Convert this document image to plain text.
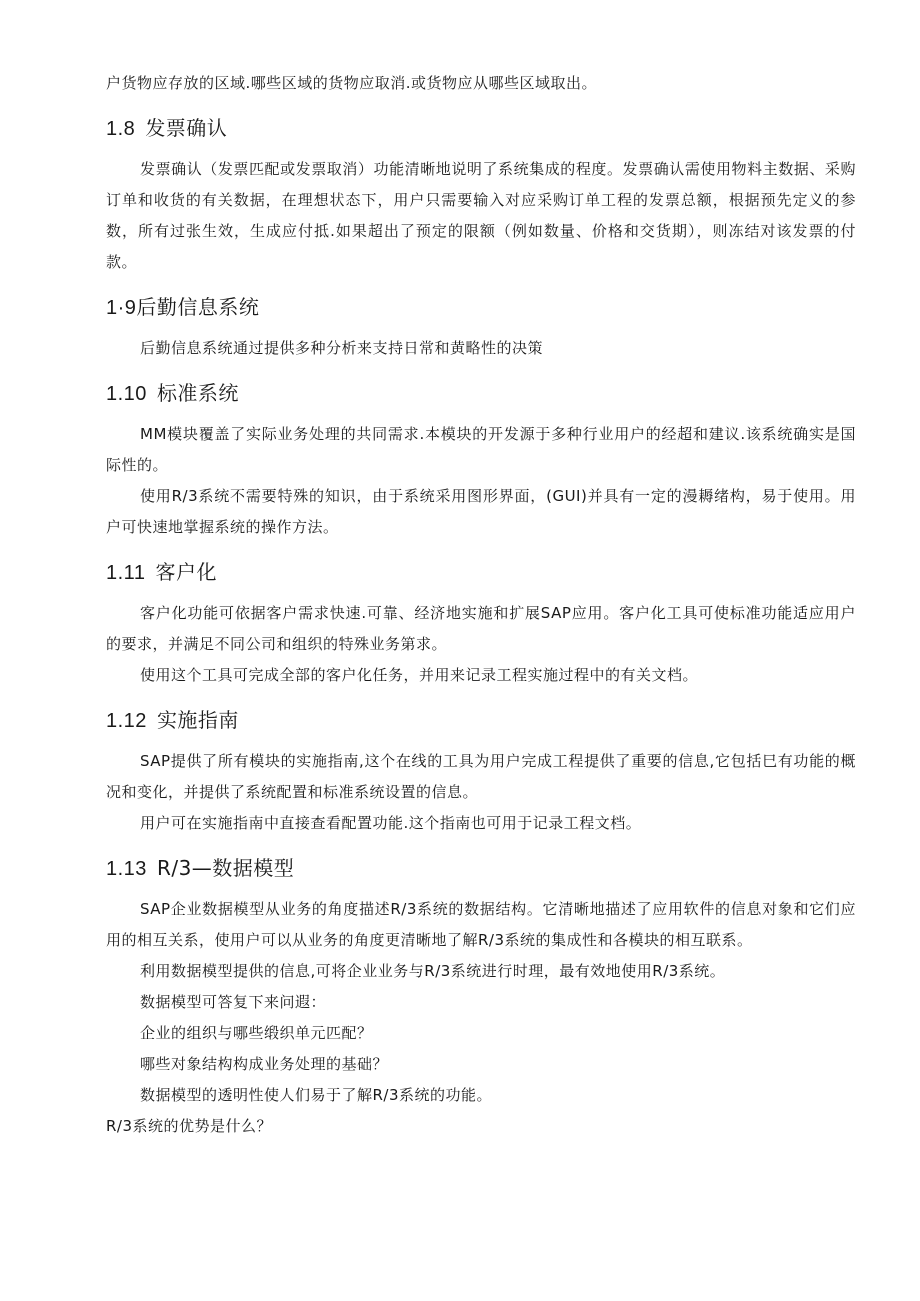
户货物应存放的区域.哪些区域的货物应取消.或货物应从哪些区域取出。

1.8 发票确认

发票确认（发票匹配或发票取消）功能清晰地说明了系统集成的程度。发票确认需使用物料主数据、采购订单和收货的有关数据，在理想状态下，用户只需要输入对应采购订单工程的发票总额，根据预先定义的参数，所有过张生效，生成应付抵.如果超出了预定的限额（例如数量、价格和交货期），则冻结对该发票的付款。

1·9后勤信息系统

后勤信息系统通过提供多种分析来支持日常和黄略性的决策

1.10 标准系统

MM模块覆盖了实际业务处理的共同需求.本模块的开发源于多种行业用户的经超和建议.该系统确实是国际性的。

使用R/3系统不需要特殊的知识，由于系统采用图形界面，(GUI)并具有一定的漫耨绪构，易于使用。用户可快速地掌握系统的操作方法。

1.11 客户化

客户化功能可依据客户需求快速.可靠、经济地实施和扩展SAP应用。客户化工具可使标准功能适应用户的要求，并满足不同公司和组织的特殊业务第求。

使用这个工具可完成全部的客户化任务，并用来记录工程实施过程中的有关文档。

1.12 实施指南

SAP提供了所有模块的实施指南,这个在线的工具为用户完成工程提供了重要的信息,它包括巳有功能的概况和变化，并提供了系统配置和标准系统设置的信息。

用户可在实施指南中直接查看配置功能.这个指南也可用于记录工程文档。

1.13 R/3—数据模型

SAP企业数据模型从业务的角度描述R/3系统的数据结构。它清晰地描述了应用软件的信息对象和它们应用的相互关系，使用户可以从业务的角度更清晰地了解R/3系统的集成性和各模块的相互联系。

利用数据模型提供的信息,可将企业业务与R/3系统进行时理，最有效地使用R/3系统。

数据模型可答复下来问遐：

企业的组织与哪些缎织单元匹配？

哪些对象结构构成业务处理的基础？

数据模型的透明性使人们易于了解R/3系统的功能。

R/3系统的优势是什么？
